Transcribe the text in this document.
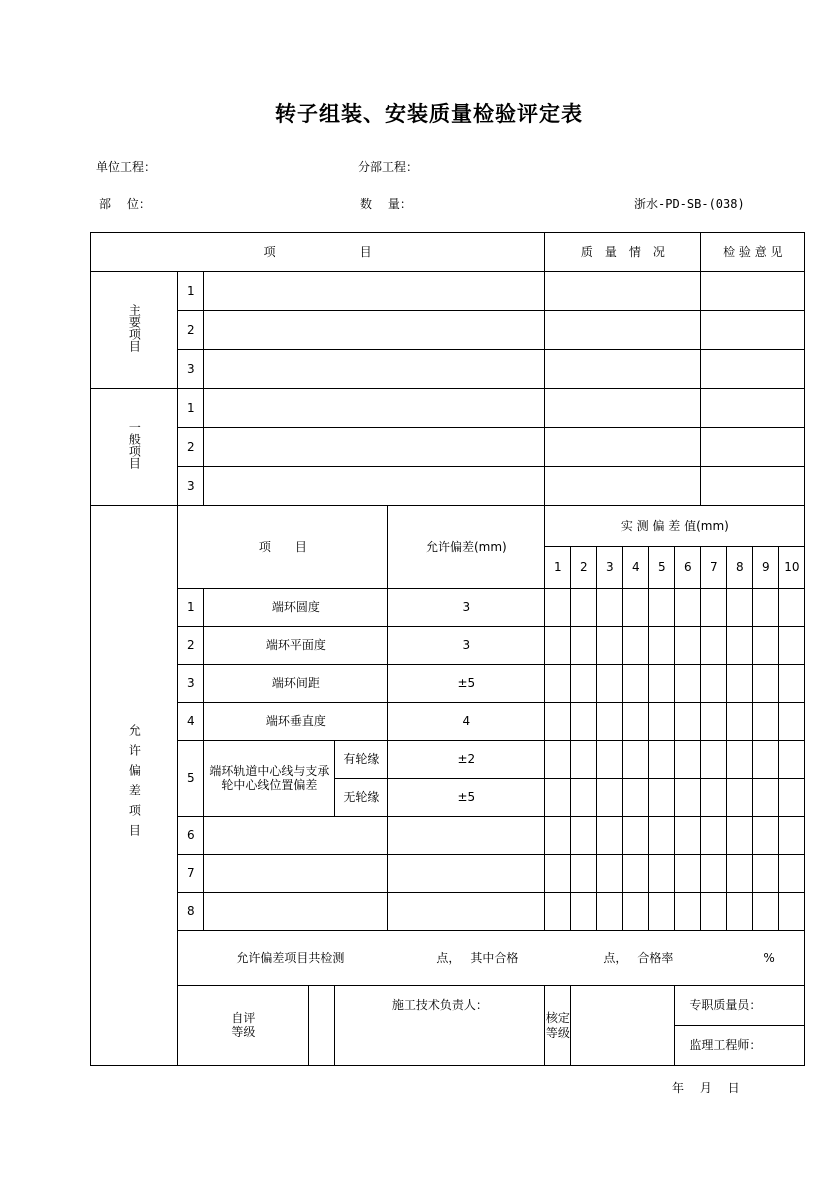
转子组装、安装质量检验评定表
单位工程：	分部工程：
部　 位：	数　 量：	浙水-PD-SB-(038)
项　　　　　　　目						质　量　情　况						检 验 意 见			
主要项目	1														
	2														
	3														
一般项目	1														
	2														
	3														
允许偏差项目	项　　目				允许偏差(mm)	实 测 偏 差 值(mm)									
						1	2	3	4	5	6	7	8	9	10
	1	端环圆度			3										
	2	端环平面度			3										
	3	端环间距			±5										
	4	端环垂直度			4										
	5	端环轨道中心线与支承轮中心线位置偏差		有轮缘	±2										
				无轮缘	±5										
	6														
	7														
	8														
	允许偏差项目共检测 点， 其中合格 点， 合格率 %														

	自评等级			施工技术负责人：		核定等级					专职质量员：				
											监理工程师：				
年　 月　 日
